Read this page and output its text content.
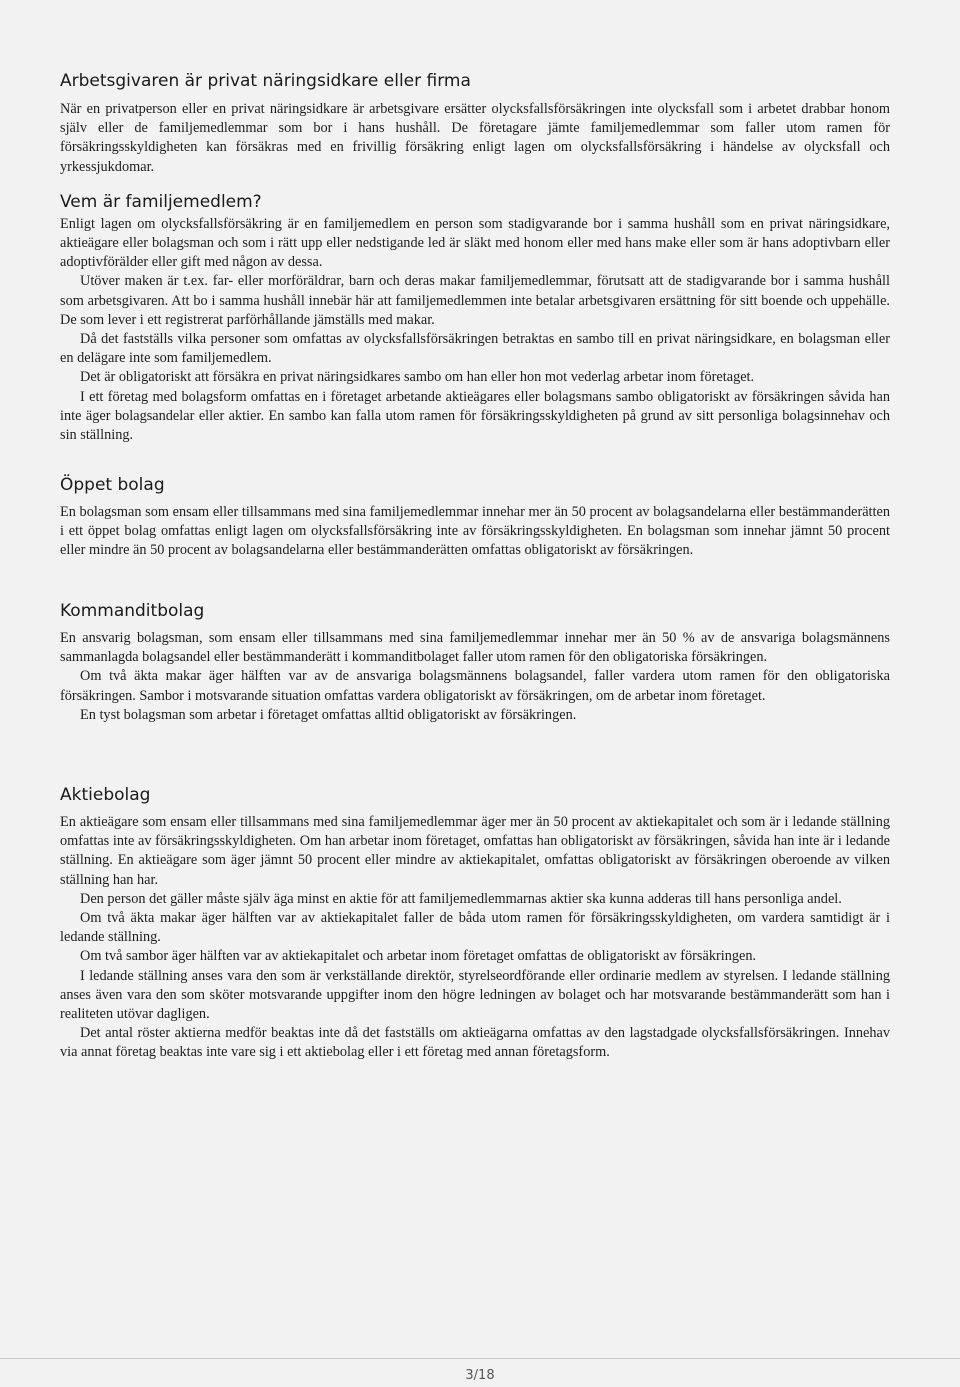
Arbetsgivaren är privat näringsidkare eller firma

När en privatperson eller en privat näringsidkare är arbetsgivare ersätter olycksfallsförsäkringen inte olycksfall som i arbetet drabbar honom själv eller de familjemedlemmar som bor i hans hushåll. De företagare jämte familjemedlemmar som faller utom ramen för försäkringsskyldigheten kan försäkras med en frivillig försäkring enligt lagen om olycksfallsförsäkring i händelse av olycksfall och yrkessjukdomar.

Vem är familjemedlem?

Enligt lagen om olycksfallsförsäkring är en familjemedlem en person som stadigvarande bor i samma hushåll som en privat näringsidkare, aktieägare eller bolagsman och som i rätt upp eller nedstigande led är släkt med honom eller med hans make eller som är hans adoptivbarn eller adoptivförälder eller gift med någon av dessa.

Utöver maken är t.ex. far- eller morföräldrar, barn och deras makar familjemedlemmar, förutsatt att de stadigvarande bor i samma hushåll som arbetsgivaren. Att bo i samma hushåll innebär här att familjemedlemmen inte betalar arbetsgivaren ersättning för sitt boende och uppehälle. De som lever i ett registrerat parförhållande jämställs med makar.

Då det fastställs vilka personer som omfattas av olycksfallsförsäkringen betraktas en sambo till en privat näringsidkare, en bolagsman eller en delägare inte som familjemedlem.

Det är obligatoriskt att försäkra en privat näringsidkares sambo om han eller hon mot vederlag arbetar inom företaget.

I ett företag med bolagsform omfattas en i företaget arbetande aktieägares eller bolagsmans sambo obligatoriskt av försäkringen såvida han inte äger bolagsandelar eller aktier. En sambo kan falla utom ramen för försäkringsskyldigheten på grund av sitt personliga bolagsinnehav och sin ställning.

Öppet bolag

En bolagsman som ensam eller tillsammans med sina familjemedlemmar innehar mer än 50 procent av bolagsandelarna eller bestämmanderätten i ett öppet bolag omfattas enligt lagen om olycksfallsförsäkring inte av försäkringsskyldigheten. En bolagsman som innehar jämnt 50 procent eller mindre än 50 procent av bolagsandelarna eller bestämmanderätten omfattas obligatoriskt av försäkringen.

Kommanditbolag

En ansvarig bolagsman, som ensam eller tillsammans med sina familjemedlemmar innehar mer än 50 % av de ansvariga bolagsmännens sammanlagda bolagsandel eller bestämmanderätt i kommanditbolaget faller utom ramen för den obligatoriska försäkringen.

Om två äkta makar äger hälften var av de ansvariga bolagsmännens bolagsandel, faller vardera utom ramen för den obligatoriska försäkringen. Sambor i motsvarande situation omfattas vardera obligatoriskt av försäkringen, om de arbetar inom företaget.

En tyst bolagsman som arbetar i företaget omfattas alltid obligatoriskt av försäkringen.

Aktiebolag

En aktieägare som ensam eller tillsammans med sina familjemedlemmar äger mer än 50 procent av aktiekapitalet och som är i ledande ställning omfattas inte av försäkringsskyldigheten. Om han arbetar inom företaget, omfattas han obligatoriskt av försäkringen, såvida han inte är i ledande ställning. En aktieägare som äger jämnt 50 procent eller mindre av aktiekapitalet, omfattas obligatoriskt av försäkringen oberoende av vilken ställning han har.

Den person det gäller måste själv äga minst en aktie för att familjemedlemmarnas aktier ska kunna adderas till hans personliga andel.

Om två äkta makar äger hälften var av aktiekapitalet faller de båda utom ramen för försäkringsskyldigheten, om vardera samtidigt är i ledande ställning.

Om två sambor äger hälften var av aktiekapitalet och arbetar inom företaget omfattas de obligatoriskt av försäkringen.

I ledande ställning anses vara den som är verkställande direktör, styrelseordförande eller ordinarie medlem av styrelsen. I ledande ställning anses även vara den som sköter motsvarande uppgifter inom den högre ledningen av bolaget och har motsvarande bestämmanderätt som han i realiteten utövar dagligen.

Det antal röster aktierna medför beaktas inte då det fastställs om aktieägarna omfattas av den lagstadgade olycksfallsförsäkringen. Innehav via annat företag beaktas inte vare sig i ett aktiebolag eller i ett företag med annan företagsform.

3/18
